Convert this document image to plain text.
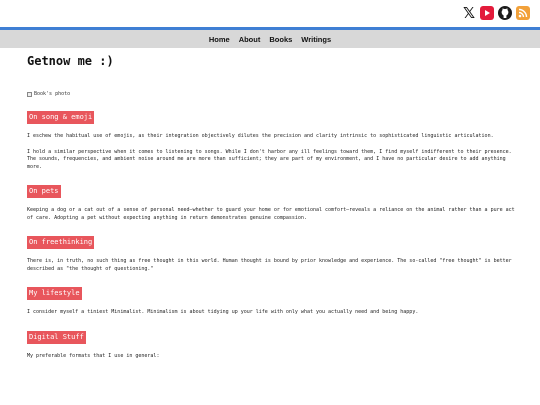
𝕏
Home About Books Writings
Getnow me :)
Book's photo
On song & emoji

I eschew the habitual use of emojis, as their integration objectively dilutes the precision and clarity intrinsic to sophisticated linguistic articulation.

I hold a similar perspective when it comes to listening to songs. While I don't harbor any ill feelings toward them, I find myself indifferent to their presence. The sounds, frequencies, and ambient noise around me are more than sufficient; they are part of my environment, and I have no particular desire to add anything more.

On pets

Keeping a dog or a cat out of a sense of personal need—whether to guard your home or for emotional comfort—reveals a reliance on the animal rather than a pure act of care. Adopting a pet without expecting anything in return demonstrates genuine compassion.

On freethinking

There is, in truth, no such thing as free thought in this world. Human thought is bound by prior knowledge and experience. The so-called "free thought" is better described as "the thought of questioning."

My lifestyle

I consider myself a tiniest Minimalist. Minimalism is about tidying up your life with only what you actually need and being happy.

Digital Stuff

My preferable formats that I use in general:
